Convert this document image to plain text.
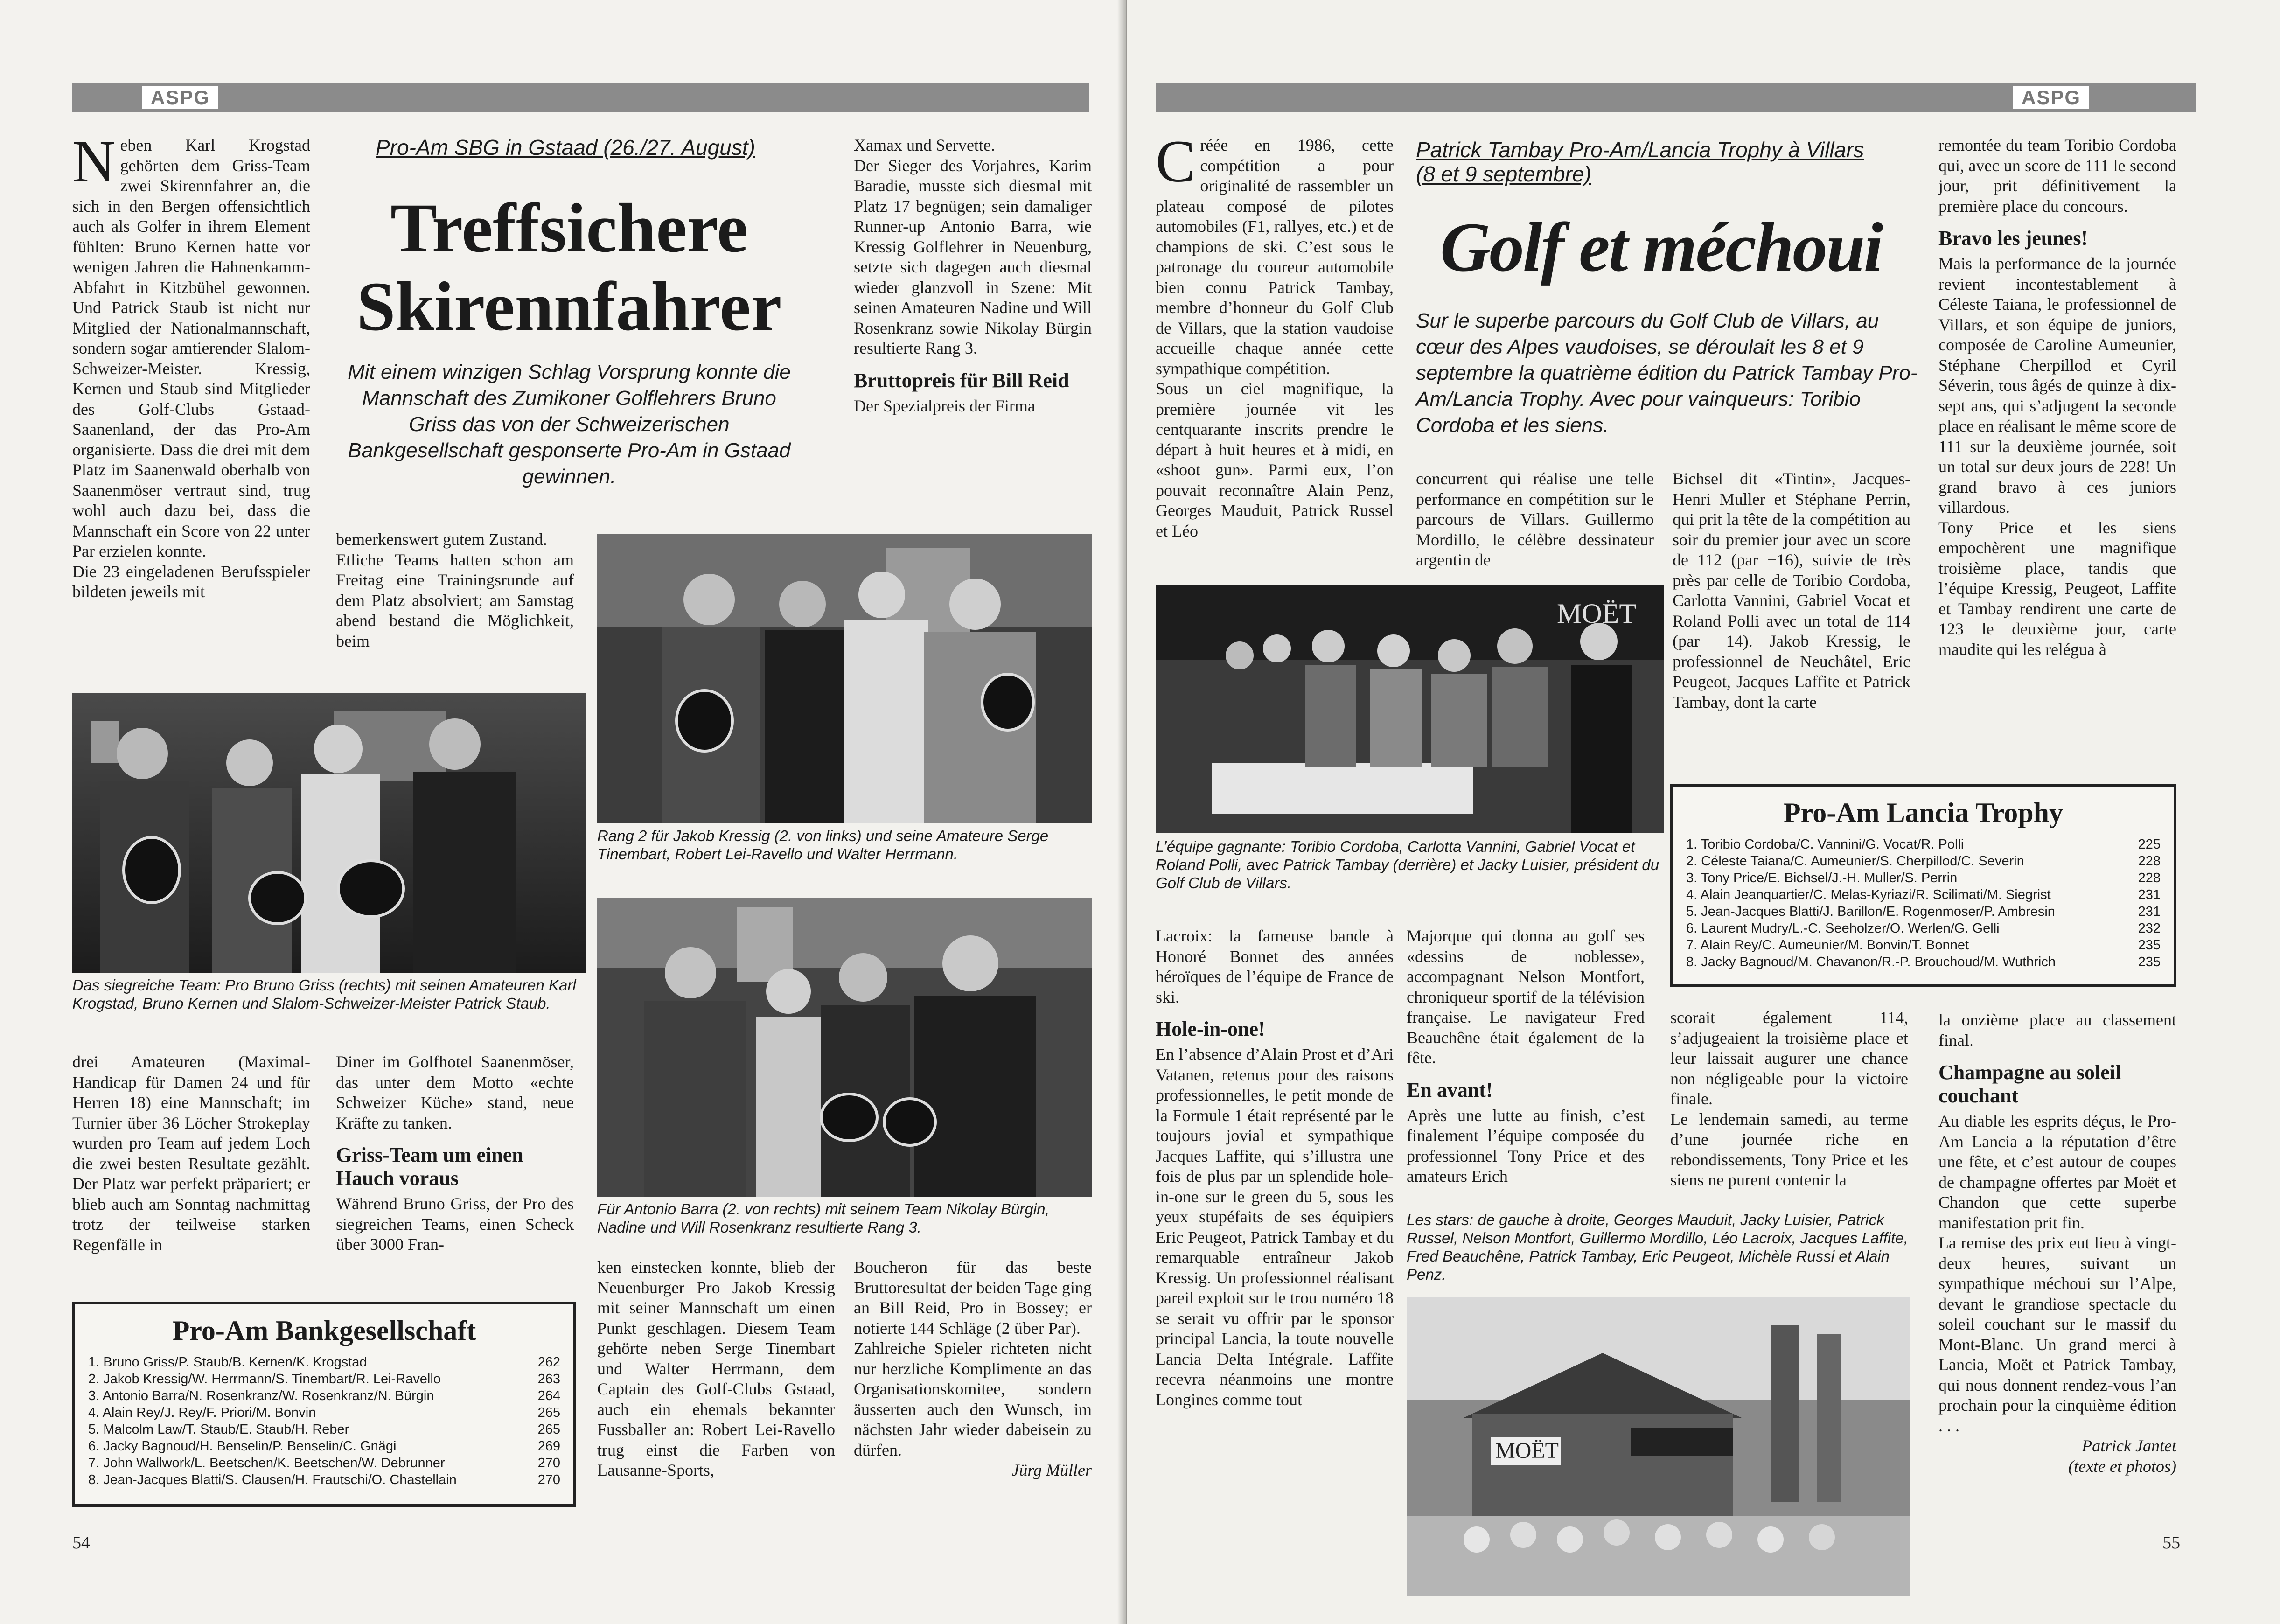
ASPG

Neben Karl Krogstad gehörten dem Griss-Team zwei Skirennfahrer an, die sich in den Bergen offensichtlich auch als Golfer in ihrem Element fühlten: Bruno Kernen hatte vor wenigen Jahren die Hahnenkamm-Abfahrt in Kitzbühel gewonnen. Und Patrick Staub ist nicht nur Mitglied der Nationalmannschaft, sondern sogar amtierender Slalom-Schweizer-Meister. Kressig, Kernen und Staub sind Mitglieder des Golf-Clubs Gstaad-Saanenland, der das Pro-Am organisierte. Dass die drei mit dem Platz im Saanenwald oberhalb von Saanenmöser vertraut sind, trug wohl auch dazu bei, dass die Mannschaft ein Score von 22 unter Par erzielen konnte.

Die 23 eingeladenen Berufsspieler bildeten jeweils mit

Pro-Am SBG in Gstaad (26./27. August)
Treffsichere
Skirennfahrer
Mit einem winzigen Schlag Vorsprung konnte die Mannschaft des Zumikoner Golflehrers Bruno Griss das von der Schweizerischen Bankgesellschaft gesponserte Pro-Am in Gstaad gewinnen.

bemerkenswert gutem Zustand.

Etliche Teams hatten schon am Freitag eine Trainingsrunde auf dem Platz absolviert; am Samstag abend bestand die Möglichkeit, beim

Xamax und Servette.

Der Sieger des Vorjahres, Karim Baradie, musste sich diesmal mit Platz 17 begnügen; sein damaliger Runner-up Antonio Barra, wie Kressig Golflehrer in Neuenburg, setzte sich dagegen auch diesmal wieder glanzvoll in Szene: Mit seinen Amateuren Nadine und Will Rosenkranz sowie Nikolay Bürgin resultierte Rang 3.

Bruttopreis für Bill Reid

Der Spezialpreis der Firma

Das siegreiche Team: Pro Bruno Griss (rechts) mit seinen Amateuren Karl Krogstad, Bruno Kernen und Slalom-Schweizer-Meister Patrick Staub.
Rang 2 für Jakob Kressig (2. von links) und seine Amateure Serge Tinembart, Robert Lei-Ravello und Walter Herrmann.
Für Antonio Barra (2. von rechts) mit seinem Team Nikolay Bürgin, Nadine und Will Rosenkranz resultierte Rang 3.

drei Amateuren (Maximal-Handicap für Damen 24 und für Herren 18) eine Mannschaft; im Turnier über 36 Löcher Strokeplay wurden pro Team auf jedem Loch die zwei besten Resultate gezählt. Der Platz war perfekt präpariert; er blieb auch am Sonntag nachmittag trotz der teilweise starken Regenfälle in

Diner im Golfhotel Saanenmöser, das unter dem Motto «echte Schweizer Küche» stand, neue Kräfte zu tanken.

Griss-Team um einen Hauch voraus

Während Bruno Griss, der Pro des siegreichen Teams, einen Scheck über 3000 Fran-

ken einstecken konnte, blieb der Neuenburger Pro Jakob Kressig mit seiner Mannschaft um einen Punkt geschlagen. Diesem Team gehörte neben Serge Tinembart und Walter Herrmann, dem Captain des Golf-Clubs Gstaad, auch ein ehemals bekannter Fussballer an: Robert Lei-Ravello trug einst die Farben von Lausanne-Sports,

Boucheron für das beste Bruttoresultat der beiden Tage ging an Bill Reid, Pro in Bossey; er notierte 144 Schläge (2 über Par).

Zahlreiche Spieler richteten nicht nur herzliche Komplimente an das Organisationskomitee, sondern äusserten auch den Wunsch, im nächsten Jahr wieder dabeisein zu dürfen.

Jürg Müller

Pro-Am Bankgesellschaft
1. Bruno Griss/P. Staub/B. Kernen/K. Krogstad	262
2. Jakob Kressig/W. Herrmann/S. Tinembart/R. Lei-Ravello	263
3. Antonio Barra/N. Rosenkranz/W. Rosenkranz/N. Bürgin	264
4. Alain Rey/J. Rey/F. Priori/M. Bonvin	265
5. Malcolm Law/T. Staub/E. Staub/H. Reber	265
6. Jacky Bagnoud/H. Benselin/P. Benselin/C. Gnägi	269
7. John Wallwork/L. Beetschen/K. Beetschen/W. Debrunner	270
8. Jean-Jacques Blatti/S. Clausen/H. Frautschi/O. Chastellain	270
54
ASPG

Créée en 1986, cette compétition a pour originalité de rassembler un plateau composé de pilotes automobiles (F1, rallyes, etc.) et de champions de ski. C’est sous le patronage du coureur automobile bien connu Patrick Tambay, membre d’honneur du Golf Club de Villars, que la station vaudoise accueille chaque année cette sympathique compétition.

Sous un ciel magnifique, la première journée vit les centquarante inscrits prendre le départ à huit heures et à midi, en «shoot gun». Parmi eux, l’on pouvait reconnaître Alain Penz, Georges Mauduit, Patrick Russel et Léo

Patrick Tambay Pro-Am/Lancia Trophy à Villars
(8 et 9 septembre)
Golf et méchoui
Sur le superbe parcours du Golf Club de Villars, au cœur des Alpes vaudoises, se déroulait les 8 et 9 septembre la quatrième édition du Patrick Tambay Pro-Am/Lancia Trophy. Avec pour vainqueurs: Toribio Cordoba et les siens.

concurrent qui réalise une telle performance en compétition sur le parcours de Villars. Guillermo Mordillo, le célèbre dessinateur argentin de

Bichsel dit «Tintin», Jacques-Henri Muller et Stéphane Perrin, qui prit la tête de la compétition au soir du premier jour avec un score de 112 (par −16), suivie de très près par celle de Toribio Cordoba, Carlotta Vannini, Gabriel Vocat et Roland Polli avec un total de 114 (par −14). Jakob Kressig, le professionnel de Neuchâtel, Eric Peugeot, Jacques Laffite et Patrick Tambay, dont la carte

remontée du team Toribio Cordoba qui, avec un score de 111 le second jour, prit définitivement la première place du concours.

Bravo les jeunes!

Mais la performance de la journée revient incontestablement à Céleste Taiana, le professionnel de Villars, et son équipe de juniors, composée de Caroline Aumeunier, Stéphane Cherpillod et Cyril Séverin, tous âgés de quinze à dix-sept ans, qui s’adjugent la seconde place en réalisant le même score de 111 sur la deuxième journée, soit un total sur deux jours de 228! Un grand bravo à ces juniors villardous.

Tony Price et les siens empochèrent une magnifique troisième place, tandis que l’équipe Kressig, Peugeot, Laffite et Tambay rendirent une carte de 123 le deuxième jour, carte maudite qui les relégua à

MOËT
L’équipe gagnante: Toribio Cordoba, Carlotta Vannini, Gabriel Vocat et Roland Polli, avec Patrick Tambay (derrière) et Jacky Luisier, président du Golf Club de Villars.
Pro-Am Lancia Trophy
1. Toribio Cordoba/C. Vannini/G. Vocat/R. Polli	225
2. Céleste Taiana/C. Aumeunier/S. Cherpillod/C. Severin	228
3. Tony Price/E. Bichsel/J.-H. Muller/S. Perrin	228
4. Alain Jeanquartier/C. Melas-Kyriazi/R. Scilimati/M. Siegrist	231
5. Jean-Jacques Blatti/J. Barillon/E. Rogenmoser/P. Ambresin	231
6. Laurent Mudry/L.-C. Seeholzer/O. Werlen/G. Gelli	232
7. Alain Rey/C. Aumeunier/M. Bonvin/T. Bonnet	235
8. Jacky Bagnoud/M. Chavanon/R.-P. Brouchoud/M. Wuthrich	235

Lacroix: la fameuse bande à Honoré Bonnet des années héroïques de l’équipe de France de ski.

Hole-in-one!

En l’absence d’Alain Prost et d’Ari Vatanen, retenus pour des raisons professionnelles, le petit monde de la Formule 1 était représenté par le toujours jovial et sympathique Jacques Laffite, qui s’illustra une fois de plus par un splendide hole-in-one sur le green du 5, sous les yeux stupéfaits de ses équipiers Eric Peugeot, Patrick Tambay et du remarquable entraîneur Jakob Kressig. Un professionnel réalisant pareil exploit sur le trou numéro 18 se serait vu offrir par le sponsor principal Lancia, la toute nouvelle Lancia Delta Intégrale. Laffite recevra néanmoins une montre Longines comme tout

Majorque qui donna au golf ses «dessins de noblesse», accompagnant Nelson Montfort, chroniqueur sportif de la télévision française. Le navigateur Fred Beauchêne était également de la fête.

En avant!

Après une lutte au finish, c’est finalement l’équipe composée du professionnel Tony Price et des amateurs Erich

scorait également 114, s’adjugeaient la troisième place et leur laissait augurer une chance non négligeable pour la victoire finale.

Le lendemain samedi, au terme d’une journée riche en rebondissements, Tony Price et les siens ne purent contenir la

Les stars: de gauche à droite, Georges Mauduit, Jacky Luisier, Patrick Russel, Nelson Montfort, Guillermo Mordillo, Léo Lacroix, Jacques Laffite, Fred Beauchêne, Patrick Tambay, Eric Peugeot, Michèle Russi et Alain Penz.
MOËT

la onzième place au classement final.

Champagne au soleil couchant

Au diable les esprits déçus, le Pro-Am Lancia a la réputation d’être une fête, et c’est autour de coupes de champagne offertes par Moët et Chandon que cette superbe manifestation prit fin.

La remise des prix eut lieu à vingt-deux heures, suivant un sympathique méchoui sur l’Alpe, devant le grandiose spectacle du soleil couchant sur le massif du Mont-Blanc. Un grand merci à Lancia, Moët et Patrick Tambay, qui nous donnent rendez-vous l’an prochain pour la cinquième édition . . .

Patrick Jantet

(texte et photos)

55
